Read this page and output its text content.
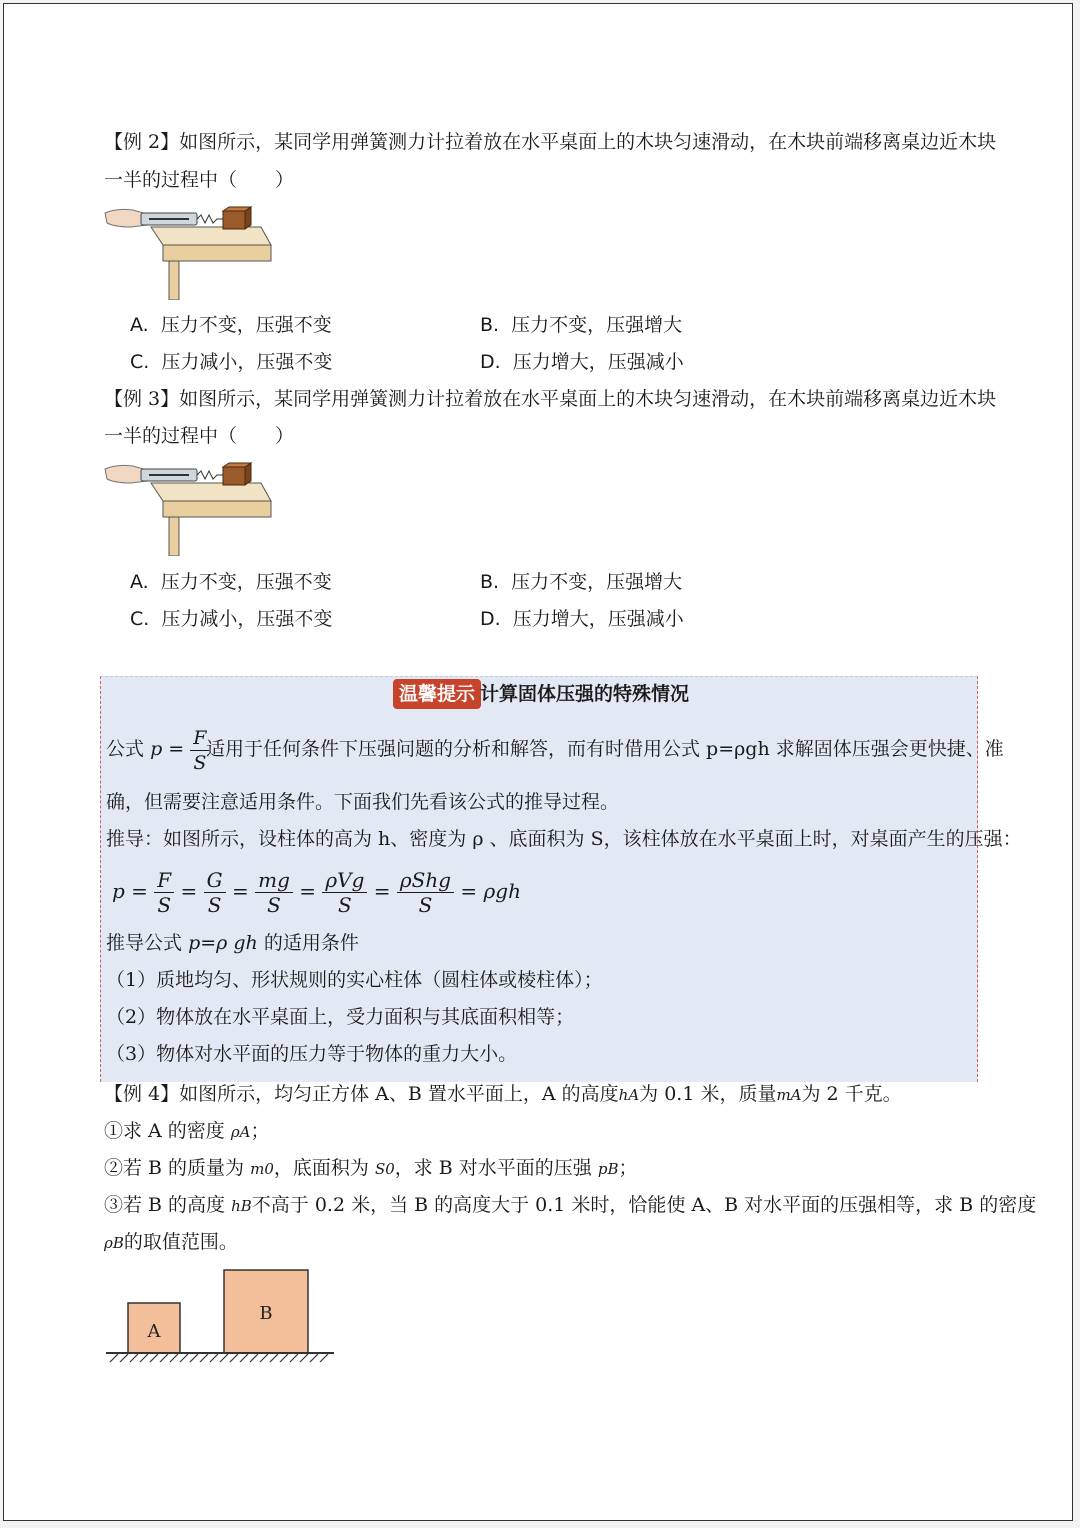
【例 2】如图所示，某同学用弹簧测力计拉着放在水平桌面上的木块匀速滑动，在木块前端移离桌边近木块
一半的过程中（　　）
A. 压力不变，压强不变	B. 压力不变，压强增大
C. 压力减小，压强不变	D. 压力增大，压强减小
【例 3】如图所示，某同学用弹簧测力计拉着放在水平桌面上的木块匀速滑动，在木块前端移离桌边近木块
一半的过程中（　　）
A. 压力不变，压强不变	B. 压力不变，压强增大
C. 压力减小，压强不变	D. 压力增大，压强减小
温馨提示 计算固体压强的特殊情况
公式 $p = \frac{F}{S}$
适用于任何条件下压强问题的分析和解答，而有时借用公式 p=ρgh 求解固体压强会更快捷、准
确，但需要注意适用条件。下面我们先看该公式的推导过程。
推导：如图所示，设柱体的高为 h、密度为 ρ 、底面积为 S，该柱体放在水平桌面上时，对桌面产生的压强：
$p = \frac{F}{S} = \frac{G}{S} = \frac{mg}{S} = \frac{\text{ρVg}}{S} = \frac{\text{ρShg}}{S} = \rho gh$
推导公式 p=ρ gh 的适用条件
（1）质地均匀、形状规则的实心柱体（圆柱体或棱柱体）；
（2）物体放在水平桌面上，受力面积与其底面积相等；
（3）物体对水平面的压力等于物体的重力大小。
【例 4】如图所示，均匀正方体 A、B 置水平面上，A 的高度hA为 0.1 米，质量mA为 2 千克。
①求 A 的密度 ρA；
②若 B 的质量为 m0，底面积为 S0，求 B 对水平面的压强 pB；
③若 B 的高度 hB不高于 0.2 米，当 B 的高度大于 0.1 米时，恰能使 A、B 对水平面的压强相等，求 B 的密度
ρB的取值范围。
A
B
